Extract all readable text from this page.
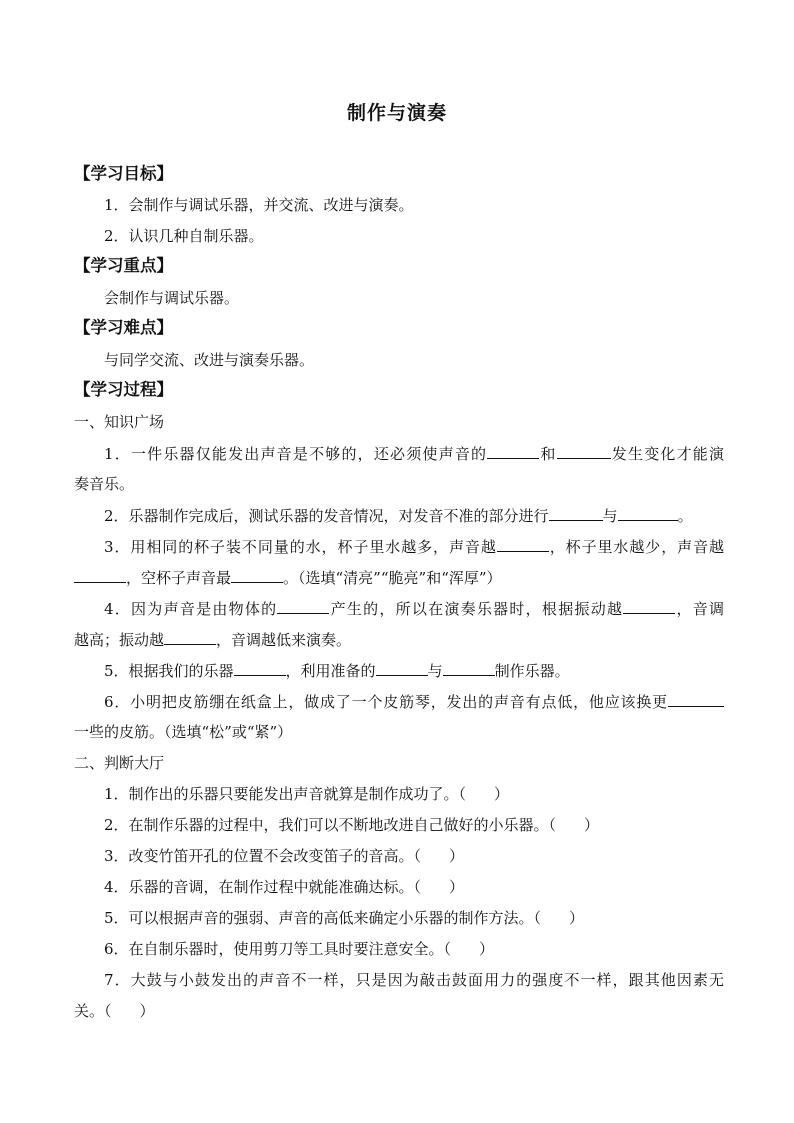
制作与演奏
【学习目标】
1．会制作与调试乐器，并交流、改进与演奏。
2．认识几种自制乐器。
【学习重点】
会制作与调试乐器。
【学习难点】
与同学交流、改进与演奏乐器。
【学习过程】
一、知识广场
1．一件乐器仅能发出声音是不够的，还必须使声音的	和	发生变化才能演
奏音乐。
2．乐器制作完成后，测试乐器的发音情况，对发音不准的部分进行	与	。
3．用相同的杯子装不同量的水，杯子里水越多，声音越	，杯子里水越少，声音越
，空杯子声音最	。（选填“清亮”“脆亮”和“浑厚”）
4．因为声音是由物体的	产生的，所以在演奏乐器时，根据振动越	，音调
越高；振动越	，音调越低来演奏。
5．根据我们的乐器	，利用准备的	与	制作乐器。
6．小明把皮筋绷在纸盒上，做成了一个皮筋琴，发出的声音有点低，他应该换更
一些的皮筋。（选填“松”或“紧”）
二、判断大厅
1．制作出的乐器只要能发出声音就算是制作成功了。（ ）
2．在制作乐器的过程中，我们可以不断地改进自己做好的小乐器。（ ）
3．改变竹笛开孔的位置不会改变笛子的音高。（ ）
4．乐器的音调，在制作过程中就能准确达标。（ ）
5．可以根据声音的强弱、声音的高低来确定小乐器的制作方法。（ ）
6．在自制乐器时，使用剪刀等工具时要注意安全。（ ）
7．大鼓与小鼓发出的声音不一样，只是因为敲击鼓面用力的强度不一样，跟其他因素无
关。（ ）
